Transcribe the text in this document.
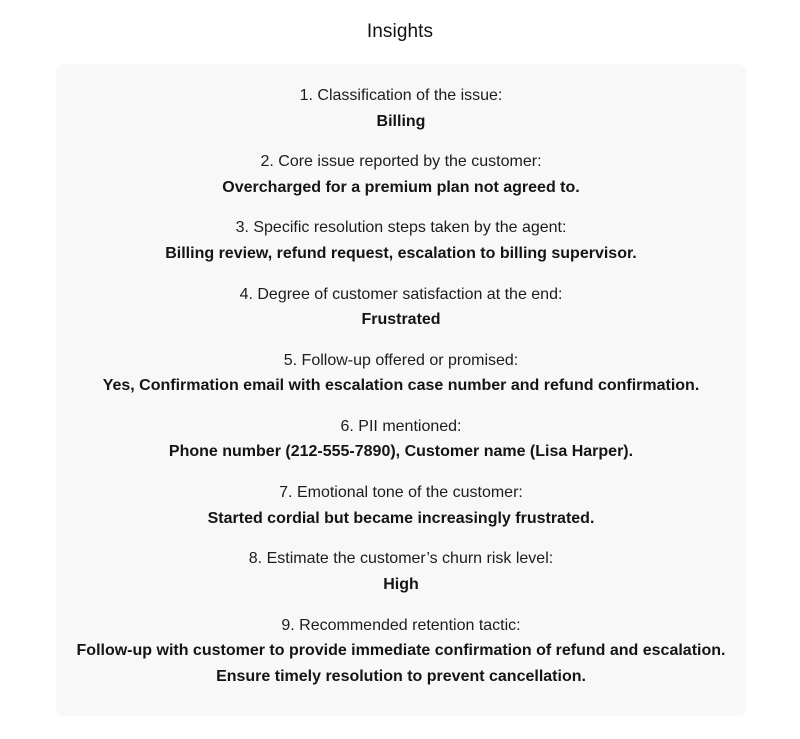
Insights
1. Classification of the issue:
Billing
2. Core issue reported by the customer:
Overcharged for a premium plan not agreed to.
3. Specific resolution steps taken by the agent:
Billing review, refund request, escalation to billing supervisor.
4. Degree of customer satisfaction at the end:
Frustrated
5. Follow-up offered or promised:
Yes, Confirmation email with escalation case number and refund confirmation.
6. PII mentioned:
Phone number (212-555-7890), Customer name (Lisa Harper).
7. Emotional tone of the customer:
Started cordial but became increasingly frustrated.
8. Estimate the customer’s churn risk level:
High
9. Recommended retention tactic:
Follow-up with customer to provide immediate confirmation of refund and escalation.
Ensure timely resolution to prevent cancellation.
